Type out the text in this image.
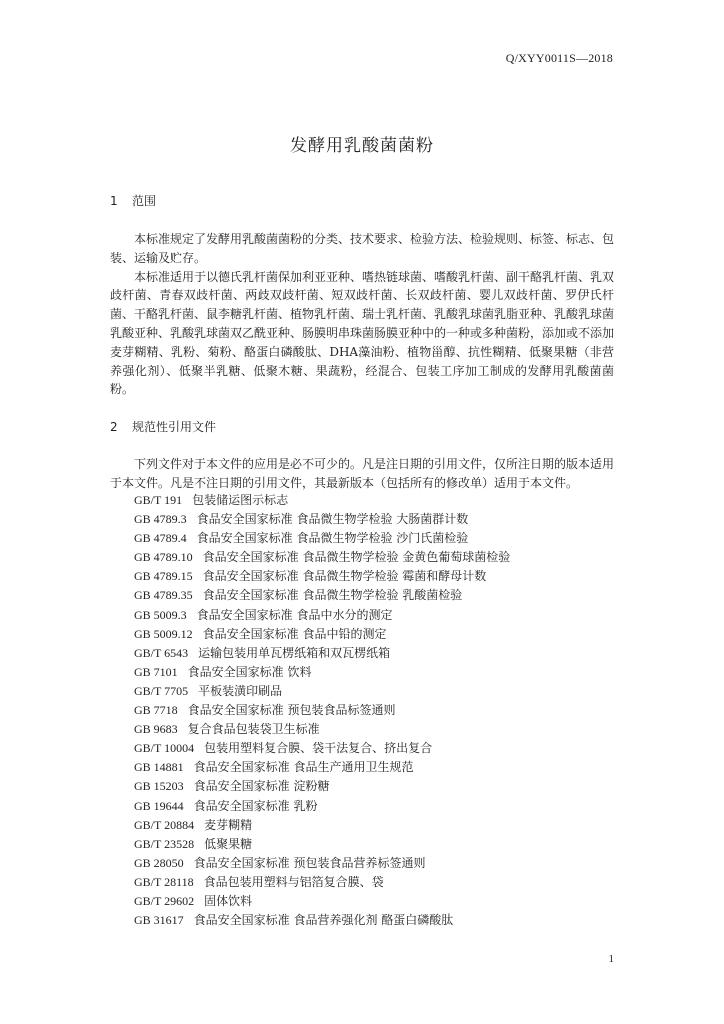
Q/XYY0011S—2018
发酵用乳酸菌菌粉
1 范围

本标准规定了发酵用乳酸菌菌粉的分类、技术要求、检验方法、检验规则、标签、标志、包装、运输及贮存。

本标准适用于以德氏乳杆菌保加利亚亚种、嗜热链球菌、嗜酸乳杆菌、副干酪乳杆菌、乳双歧杆菌、青春双歧杆菌、两歧双歧杆菌、短双歧杆菌、长双歧杆菌、婴儿双歧杆菌、罗伊氏杆菌、干酪乳杆菌、鼠李糖乳杆菌、植物乳杆菌、瑞士乳杆菌、乳酸乳球菌乳脂亚种、乳酸乳球菌乳酸亚种、乳酸乳球菌双乙酰亚种、肠膜明串珠菌肠膜亚种中的一种或多种菌粉，添加或不添加麦芽糊精、乳粉、菊粉、酪蛋白磷酸肽、DHA藻油粉、植物甾醇、抗性糊精、低聚果糖（非营养强化剂）、低聚半乳糖、低聚木糖、果蔬粉，经混合、包装工序加工制成的发酵用乳酸菌菌粉。

2 规范性引用文件

下列文件对于本文件的应用是必不可少的。凡是注日期的引用文件，仅所注日期的版本适用于本文件。凡是不注日期的引用文件，其最新版本（包括所有的修改单）适用于本文件。

GB/T 191 包装储运图示标志
GB 4789.3 食品安全国家标准 食品微生物学检验 大肠菌群计数
GB 4789.4 食品安全国家标准 食品微生物学检验 沙门氏菌检验
GB 4789.10 食品安全国家标准 食品微生物学检验 金黄色葡萄球菌检验
GB 4789.15 食品安全国家标准 食品微生物学检验 霉菌和酵母计数
GB 4789.35 食品安全国家标准 食品微生物学检验 乳酸菌检验
GB 5009.3 食品安全国家标准 食品中水分的测定
GB 5009.12 食品安全国家标准 食品中铅的测定
GB/T 6543 运输包装用单瓦楞纸箱和双瓦楞纸箱
GB 7101 食品安全国家标准 饮料
GB/T 7705 平板装潢印刷品
GB 7718 食品安全国家标准 预包装食品标签通则
GB 9683 复合食品包装袋卫生标准
GB/T 10004 包装用塑料复合膜、袋干法复合、挤出复合
GB 14881 食品安全国家标准 食品生产通用卫生规范
GB 15203 食品安全国家标准 淀粉糖
GB 19644 食品安全国家标准 乳粉
GB/T 20884 麦芽糊精
GB/T 23528 低聚果糖
GB 28050 食品安全国家标准 预包装食品营养标签通则
GB/T 28118 食品包装用塑料与铝箔复合膜、袋
GB/T 29602 固体饮料
GB 31617 食品安全国家标准 食品营养强化剂 酪蛋白磷酸肽
1
